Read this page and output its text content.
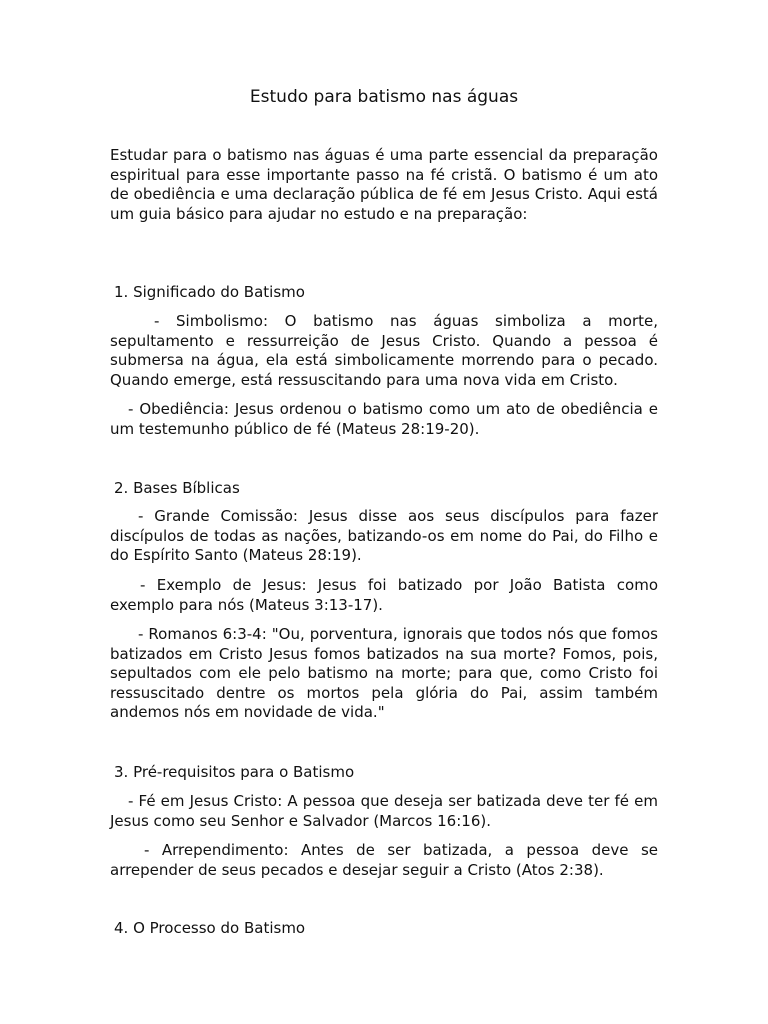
Estudo para batismo nas águas

Estudar para o batismo nas águas é uma parte essencial da preparação espiritual para esse importante passo na fé cristã. O batismo é um ato de obediência e uma declaração pública de fé em Jesus Cristo. Aqui está um guia básico para ajudar no estudo e na preparação:

1. Significado do Batismo

- Simbolismo: O batismo nas águas simboliza a morte, sepultamento e ressurreição de Jesus Cristo. Quando a pessoa é submersa na água, ela está simbolicamente morrendo para o pecado. Quando emerge, está ressuscitando para uma nova vida em Cristo.

- Obediência: Jesus ordenou o batismo como um ato de obediência e um testemunho público de fé (Mateus 28:19-20).

2. Bases Bíblicas

- Grande Comissão: Jesus disse aos seus discípulos para fazer discípulos de todas as nações, batizando-os em nome do Pai, do Filho e do Espírito Santo (Mateus 28:19).

- Exemplo de Jesus: Jesus foi batizado por João Batista como exemplo para nós (Mateus 3:13-17).

- Romanos 6:3-4: "Ou, porventura, ignorais que todos nós que fomos batizados em Cristo Jesus fomos batizados na sua morte? Fomos, pois, sepultados com ele pelo batismo na morte; para que, como Cristo foi ressuscitado dentre os mortos pela glória do Pai, assim também andemos nós em novidade de vida."

3. Pré-requisitos para o Batismo

- Fé em Jesus Cristo: A pessoa que deseja ser batizada deve ter fé em Jesus como seu Senhor e Salvador (Marcos 16:16).

- Arrependimento: Antes de ser batizada, a pessoa deve se arrepender de seus pecados e desejar seguir a Cristo (Atos 2:38).

4. O Processo do Batismo
